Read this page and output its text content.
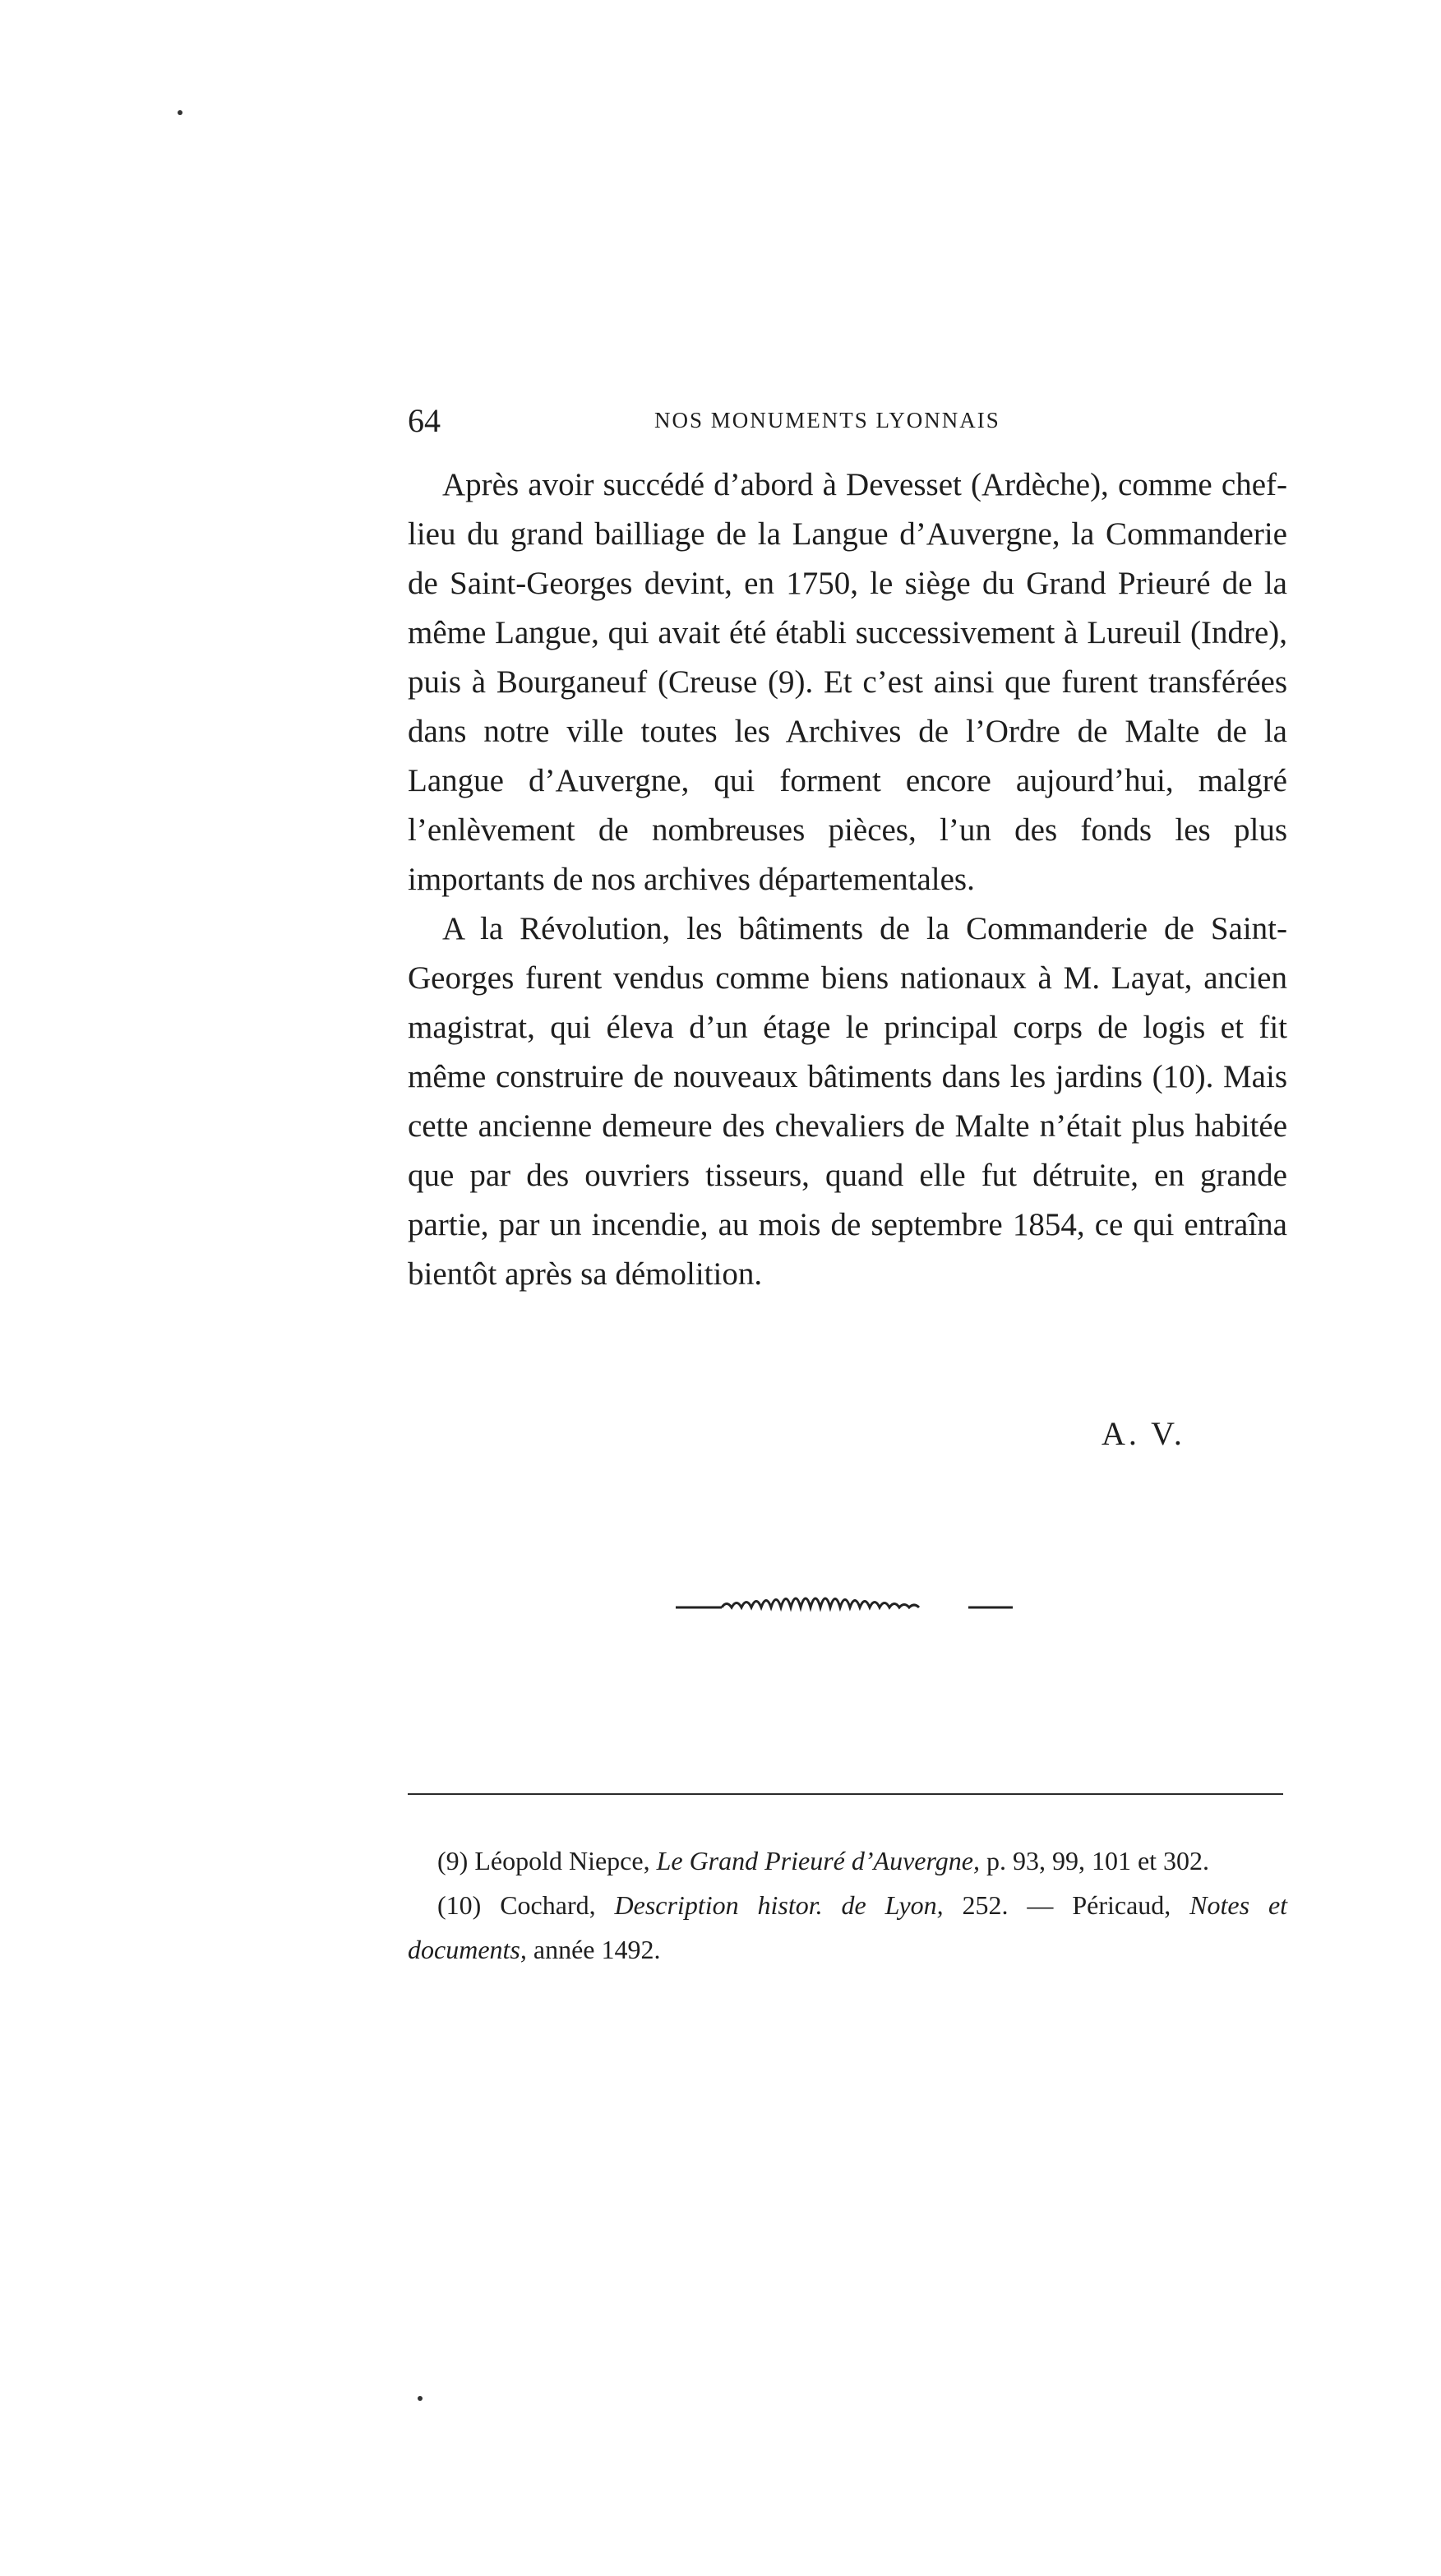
64	NOS MONUMENTS LYONNAIS

Après avoir succédé d’abord à Devesset (Ardèche), comme chef-lieu du grand bailliage de la Langue d’Auvergne, la Commanderie de Saint-Georges devint, en 1750, le siège du Grand Prieuré de la même Langue, qui avait été établi successivement à Lureuil (Indre), puis à Bourganeuf (Creuse (9). Et c’est ainsi que furent transférées dans notre ville toutes les Archives de l’Ordre de Malte de la Langue d’Auvergne, qui forment encore aujourd’hui, malgré l’enlèvement de nombreuses pièces, l’un des fonds les plus importants de nos archives départementales.

A la Révolution, les bâtiments de la Commanderie de Saint-Georges furent vendus comme biens nationaux à M. Layat, ancien magistrat, qui éleva d’un étage le principal corps de logis et fit même construire de nouveaux bâtiments dans les jardins (10). Mais cette ancienne demeure des chevaliers de Malte n’était plus habitée que par des ouvriers tisseurs, quand elle fut détruite, en grande partie, par un incendie, au mois de septembre 1854, ce qui entraîna bientôt après sa démolition.

A. V.

(9) Léopold Niepce, Le Grand Prieuré d’Auvergne, p. 93, 99, 101 et 302.

(10) Cochard, Description histor. de Lyon, 252. — Péricaud, Notes et documents, année 1492.
